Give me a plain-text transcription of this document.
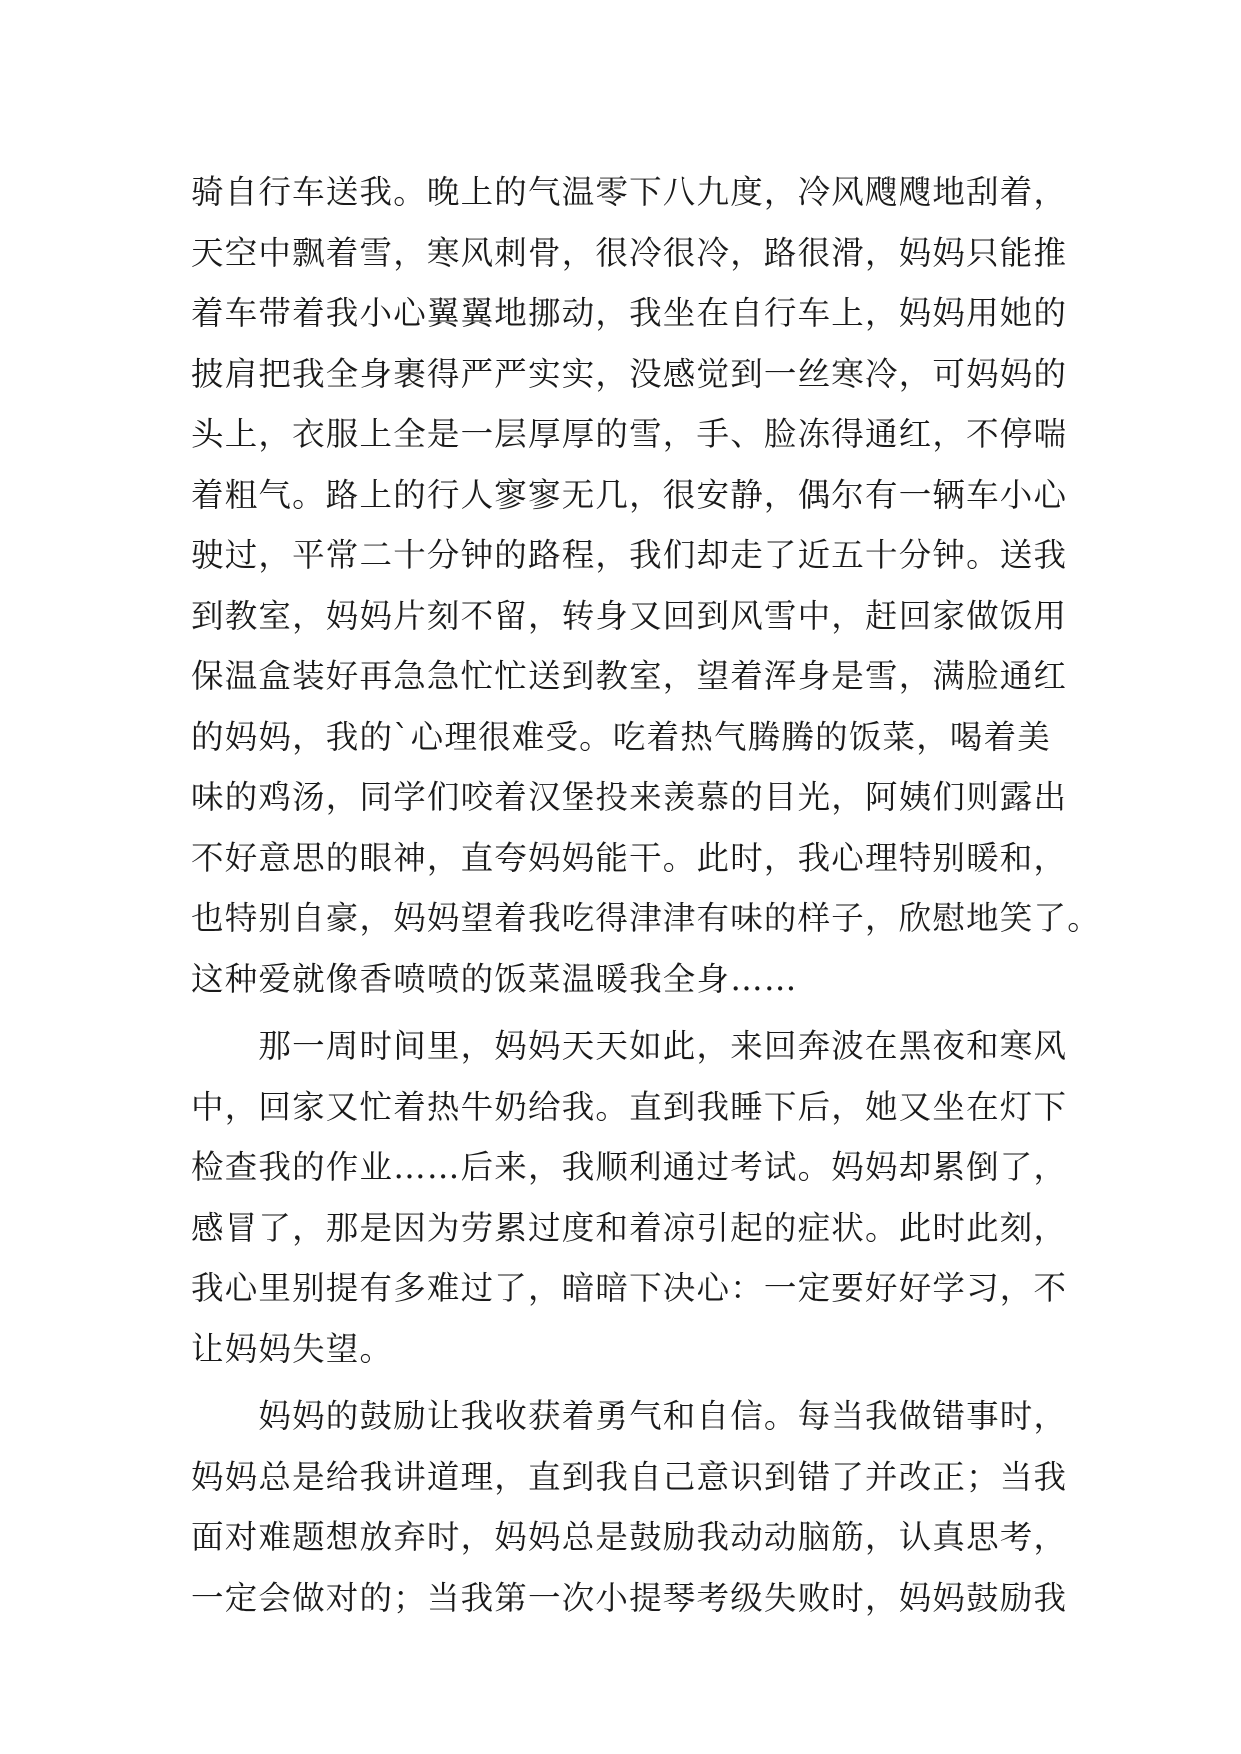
骑自行车送我。晚上的气温零下八九度，冷风飕飕地刮着，
天空中飘着雪，寒风刺骨，很冷很冷，路很滑，妈妈只能推
着车带着我小心翼翼地挪动，我坐在自行车上，妈妈用她的
披肩把我全身裹得严严实实，没感觉到一丝寒冷，可妈妈的
头上，衣服上全是一层厚厚的雪，手、脸冻得通红，不停喘
着粗气。路上的行人寥寥无几，很安静，偶尔有一辆车小心
驶过，平常二十分钟的路程，我们却走了近五十分钟。送我
到教室，妈妈片刻不留，转身又回到风雪中，赶回家做饭用
保温盒装好再急急忙忙送到教室，望着浑身是雪，满脸通红
的妈妈，我的`心理很难受。吃着热气腾腾的饭菜，喝着美
味的鸡汤，同学们咬着汉堡投来羡慕的目光，阿姨们则露出
不好意思的眼神，直夸妈妈能干。此时，我心理特别暖和，
也特别自豪，妈妈望着我吃得津津有味的样子，欣慰地笑了。
这种爱就像香喷喷的饭菜温暖我全身……
　　那一周时间里，妈妈天天如此，来回奔波在黑夜和寒风
中，回家又忙着热牛奶给我。直到我睡下后，她又坐在灯下
检查我的作业……后来，我顺利通过考试。妈妈却累倒了，
感冒了，那是因为劳累过度和着凉引起的症状。此时此刻，
我心里别提有多难过了，暗暗下决心：一定要好好学习，不
让妈妈失望。
　　妈妈的鼓励让我收获着勇气和自信。每当我做错事时，
妈妈总是给我讲道理，直到我自己意识到错了并改正；当我
面对难题想放弃时，妈妈总是鼓励我动动脑筋，认真思考，
一定会做对的；当我第一次小提琴考级失败时，妈妈鼓励我
